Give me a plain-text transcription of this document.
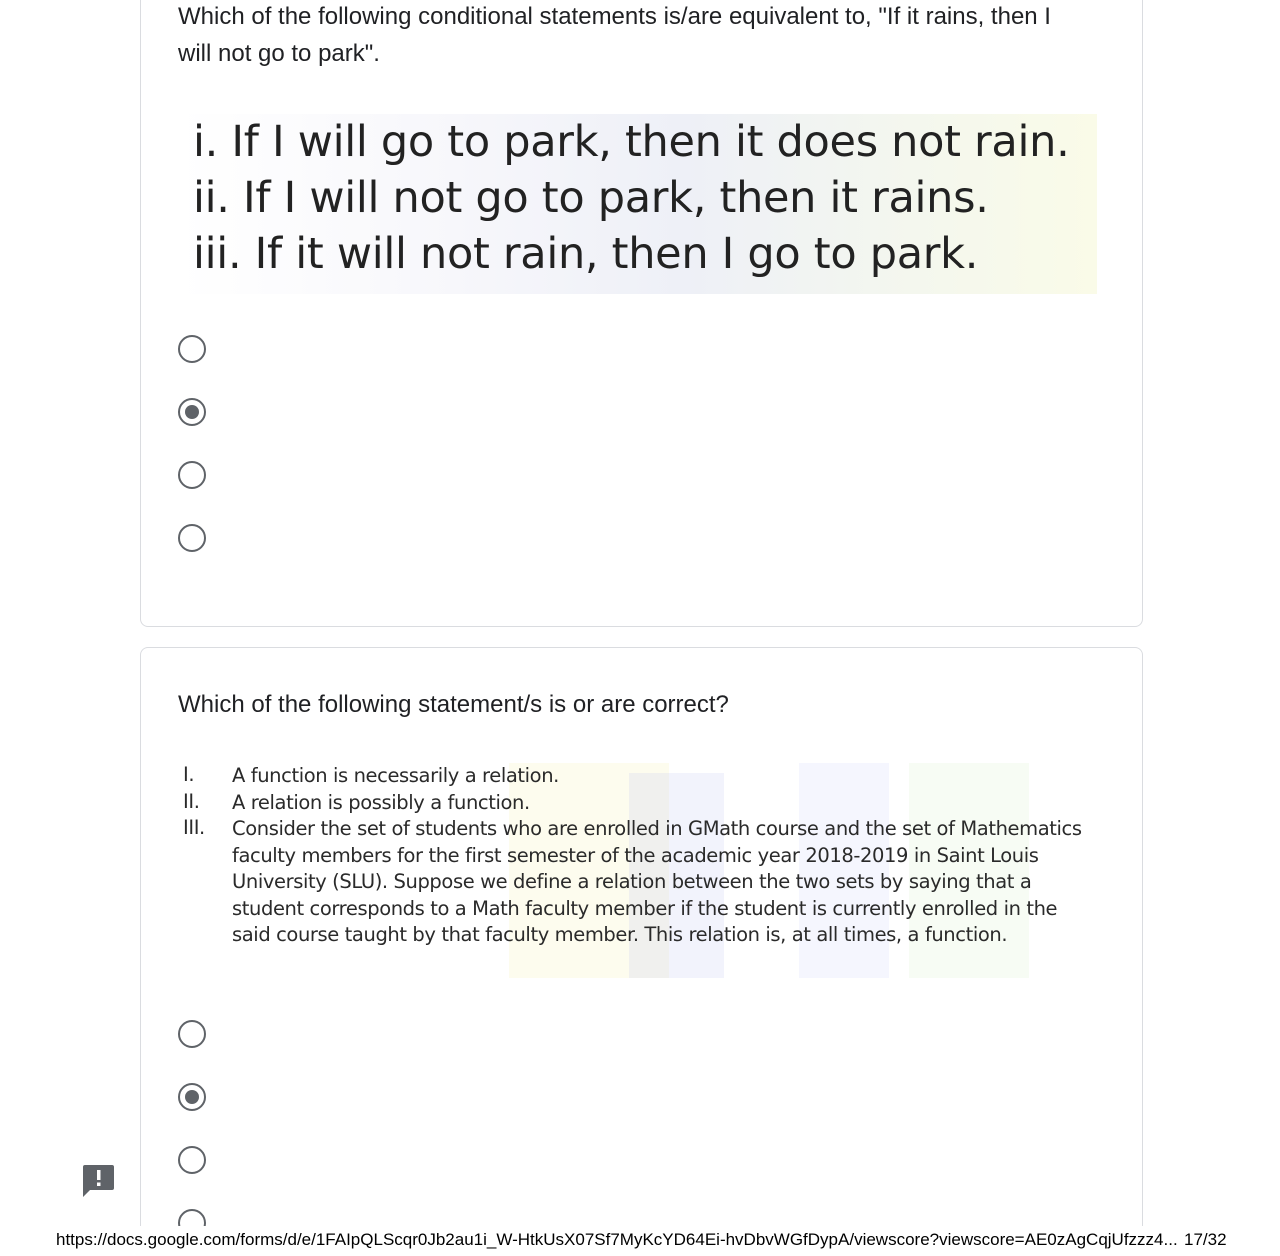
Which of the following conditional statements is/are equivalent to, "If it rains, then I will not go to park".

i. If I will go to park, then it does not rain.
ii. If I will not go to park, then it rains.
iii. If it will not rain, then I go to park.

Which of the following statement/s is or are correct?

I.	A function is necessarily a relation.
II.	A relation is possibly a function.
III.	Consider the set of students who are enrolled in GMath course and the set of Mathematics faculty members for the first semester of the academic year 2018-2019 in Saint Louis University (SLU). Suppose we define a relation between the two sets by saying that a student corresponds to a Math faculty member if the student is currently enrolled in the said course taught by that faculty member. This relation is, at all times, a function.
https://docs.google.com/forms/d/e/1FAIpQLScqr0Jb2au1i_W-HtkUsX07Sf7MyKcYD64Ei-hvDbvWGfDypA/viewscore?viewscore=AE0zAgCqjUfzzz4... 17/32
